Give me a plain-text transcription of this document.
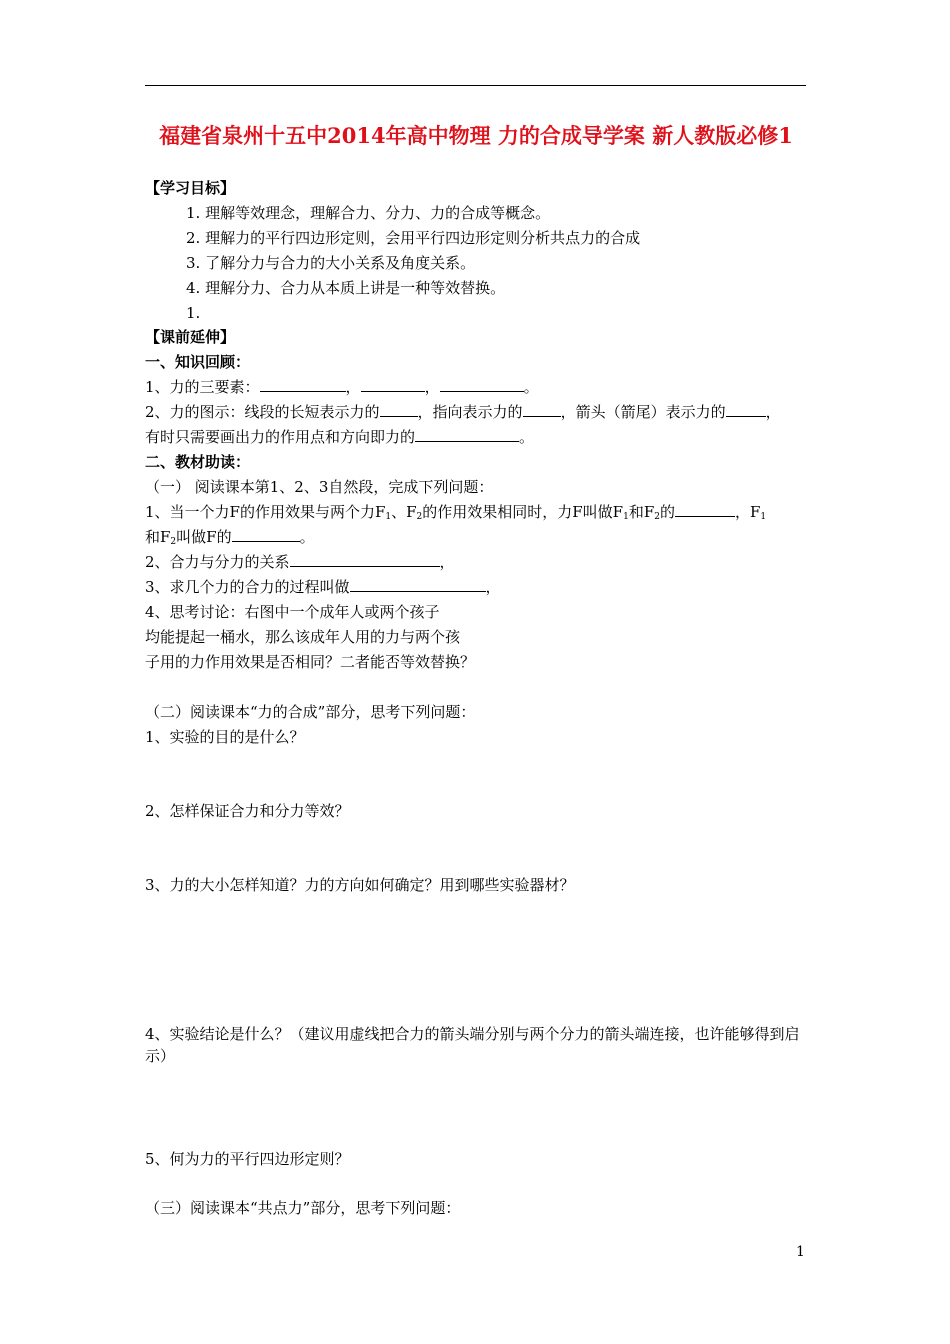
福建省泉州十五中2014年高中物理 力的合成导学案 新人教版必修1
【学习目标】
1. 理解等效理念，理解合力、分力、力的合成等概念。
2. 理解力的平行四边形定则，会用平行四边形定则分析共点力的合成
3. 了解分力与合力的大小关系及角度关系。
4. 理解分力、合力从本质上讲是一种等效替换。
1.
【课前延伸】
一、知识回顾：
1、力的三要素：	，	，	。
2、力的图示：线段的长短表示力的	，指向表示力的	，箭头（箭尾）表示力的	，
有时只需要画出力的作用点和方向即力的	。
二、教材助读：
（一） 阅读课本第1、2、3自然段，完成下列问题：
1、当一个力F的作用效果与两个力$F_1$、$F_2$的作用效果相同时，力F叫做$F_1$和$F_2$的	，$F_1$
和$F_2$叫做F的	。
2、合力与分力的关系	，
3、求几个力的合力的过程叫做	，
4、思考讨论：右图中一个成年人或两个孩子
均能提起一桶水，那么该成年人用的力与两个孩
子用的力作用效果是否相同？二者能否等效替换？
（二）阅读课本“力的合成”部分，思考下列问题：
1、实验的目的是什么？
2、怎样保证合力和分力等效？
3、力的大小怎样知道？力的方向如何确定？用到哪些实验器材？
4、实验结论是什么？（建议用虚线把合力的箭头端分别与两个分力的箭头端连接，也许能够得到启示）
5、何为力的平行四边形定则？
（三）阅读课本“共点力”部分，思考下列问题：
1
